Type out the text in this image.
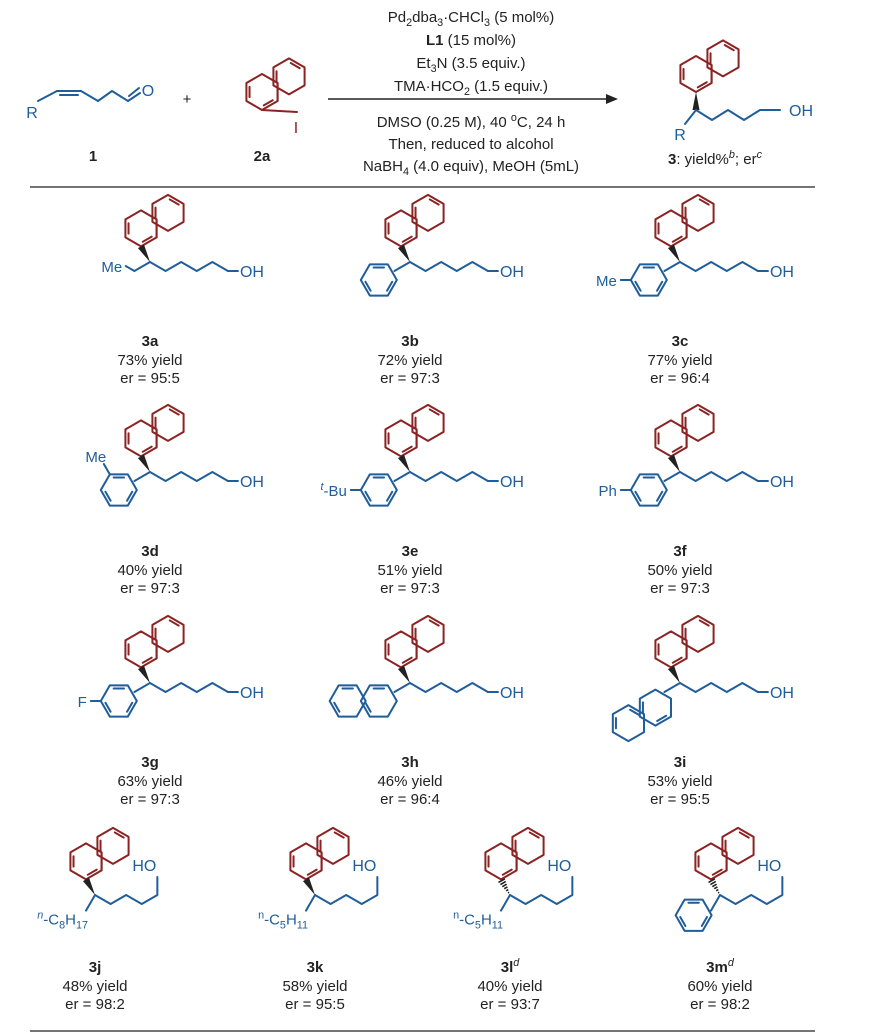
R
O
1
+
I
2a
$Pd_2dba_3\cdot CHCl_3$ (5 mol%)
L1 (15 mol%)
$Et_3N$ (3.5 equiv.)
$TMA\cdot HCO_2$ (1.5 equiv.)
DMSO (0.25 M), 40 $^o$C, 24 h
Then, reduced to alcohol
NaBH$_4$ (4.0 equiv), MeOH (5mL)
R
OH
3: yield%$^b$; $er^c$
OH
Me
3a
73% yield
er = 95:5
OH
3b
72% yield
er = 97:3
OH
Me
3c
77% yield
er = 96:4
OH
Me
3d
40% yield
er = 97:3
OH
$^t$-Bu
3e
51% yield
er = 97:3
OH
Ph
3f
50% yield
er = 97:3
OH
F
3g
63% yield
er = 97:3
OH
3h
46% yield
er = 96:4
OH
3i
53% yield
er = 95:5
HO
$^n-C_8H_{17}$
3j
48% yield
er = 98:2
HO
$^n-C_5H_{11}$
3k
58% yield
er = 95:5
HO
$^n-C_5H_{11}$
$3l^d$
40% yield
er = 93:7
HO
$3m^d$
60% yield
er = 98:2
